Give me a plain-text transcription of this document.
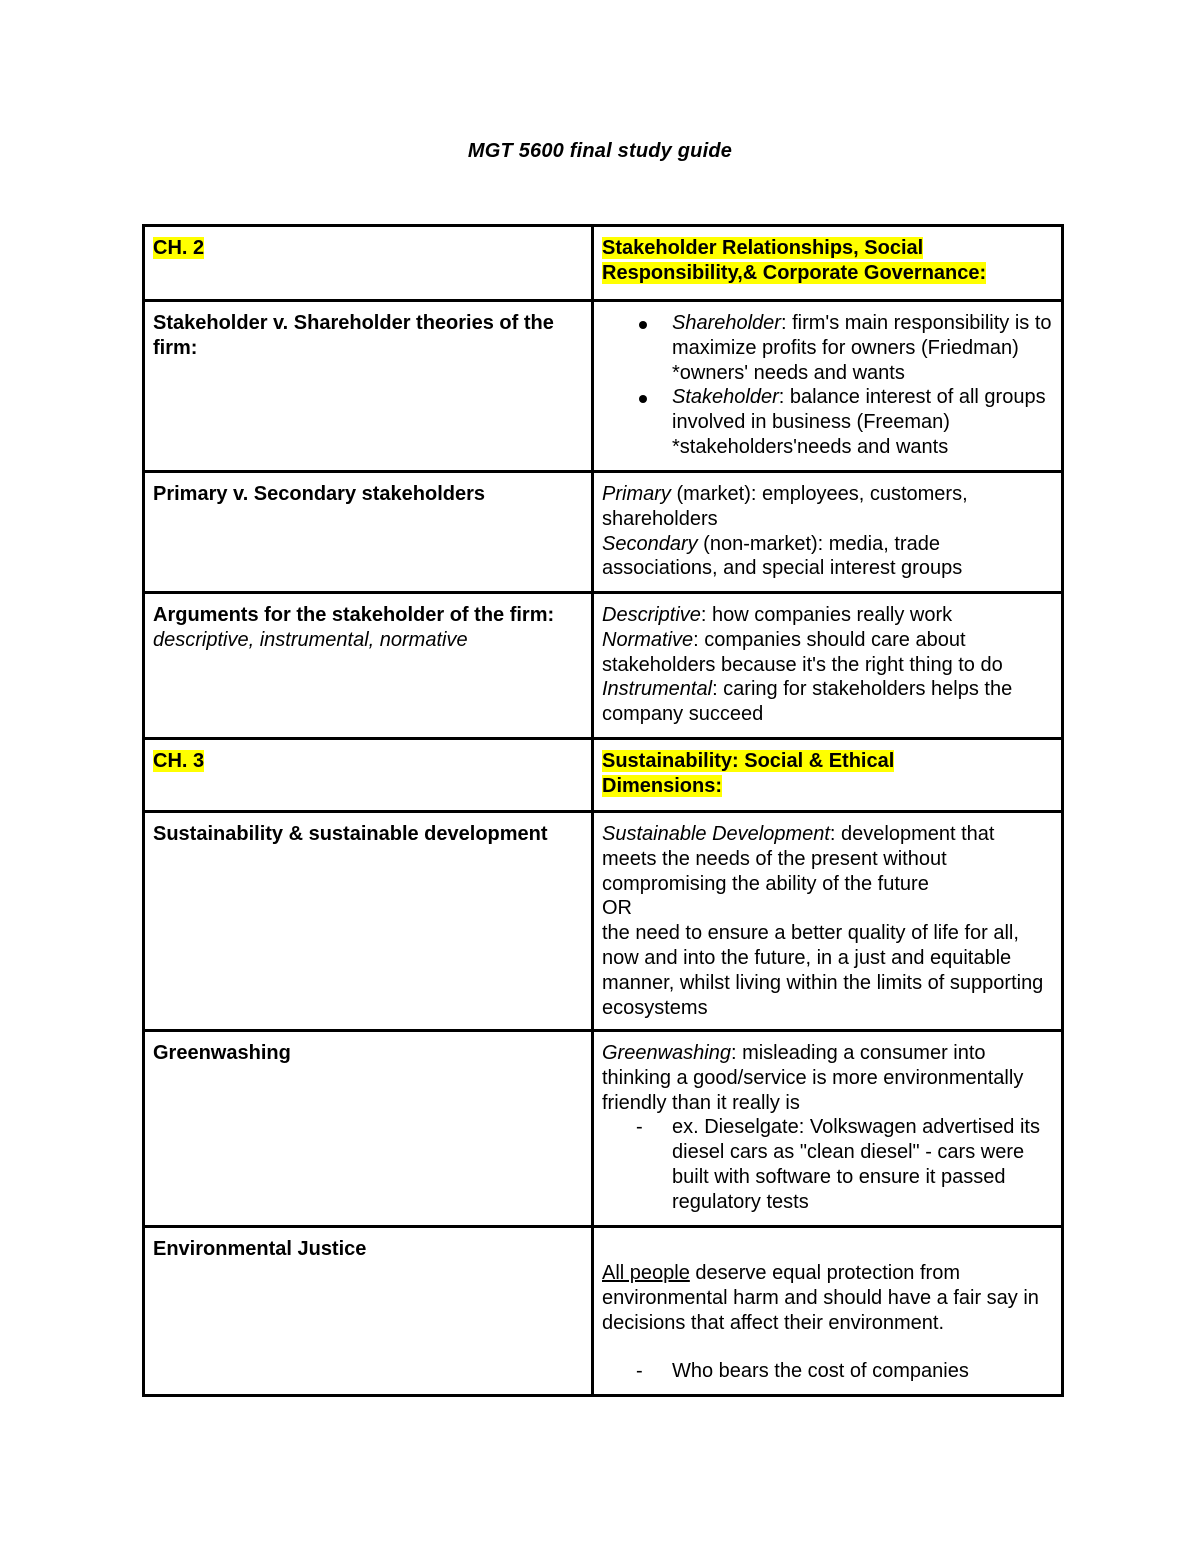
MGT 5600 final study guide
CH. 2	Stakeholder Relationships, Social
Responsibility,& Corporate Governance:
Stakeholder v. Shareholder theories of the firm:	Shareholder: firm's main responsibility is to maximize profits for owners (Friedman) *owners' needs and wants
Stakeholder: balance interest of all groups involved in business (Freeman) *stakeholders'needs and wants

Primary v. Secondary stakeholders	Primary (market): employees, customers, shareholders
Secondary (non-market): media, trade associations, and special interest groups

Arguments for the stakeholder of the firm: descriptive, instrumental, normative	Descriptive: how companies really work
Normative: companies should care about stakeholders because it's the right thing to do
Instrumental: caring for stakeholders helps the company succeed

CH. 3	Sustainability: Social & Ethical
Dimensions:
Sustainability & sustainable development	Sustainable Development: development that meets the needs of the present without compromising the ability of the future
OR
the need to ensure a better quality of life for all, now and into the future, in a just and equitable manner, whilst living within the limits of supporting ecosystems

Greenwashing	Greenwashing: misleading a consumer into thinking a good/service is more environmentally friendly than it really is
- ex. Dieselgate: Volkswagen advertised its diesel cars as "clean diesel" - cars were built with software to ensure it passed regulatory tests

Environmental Justice	All people deserve equal protection from environmental harm and should have a fair say in decisions that affect their environment.
- Who bears the cost of companies
